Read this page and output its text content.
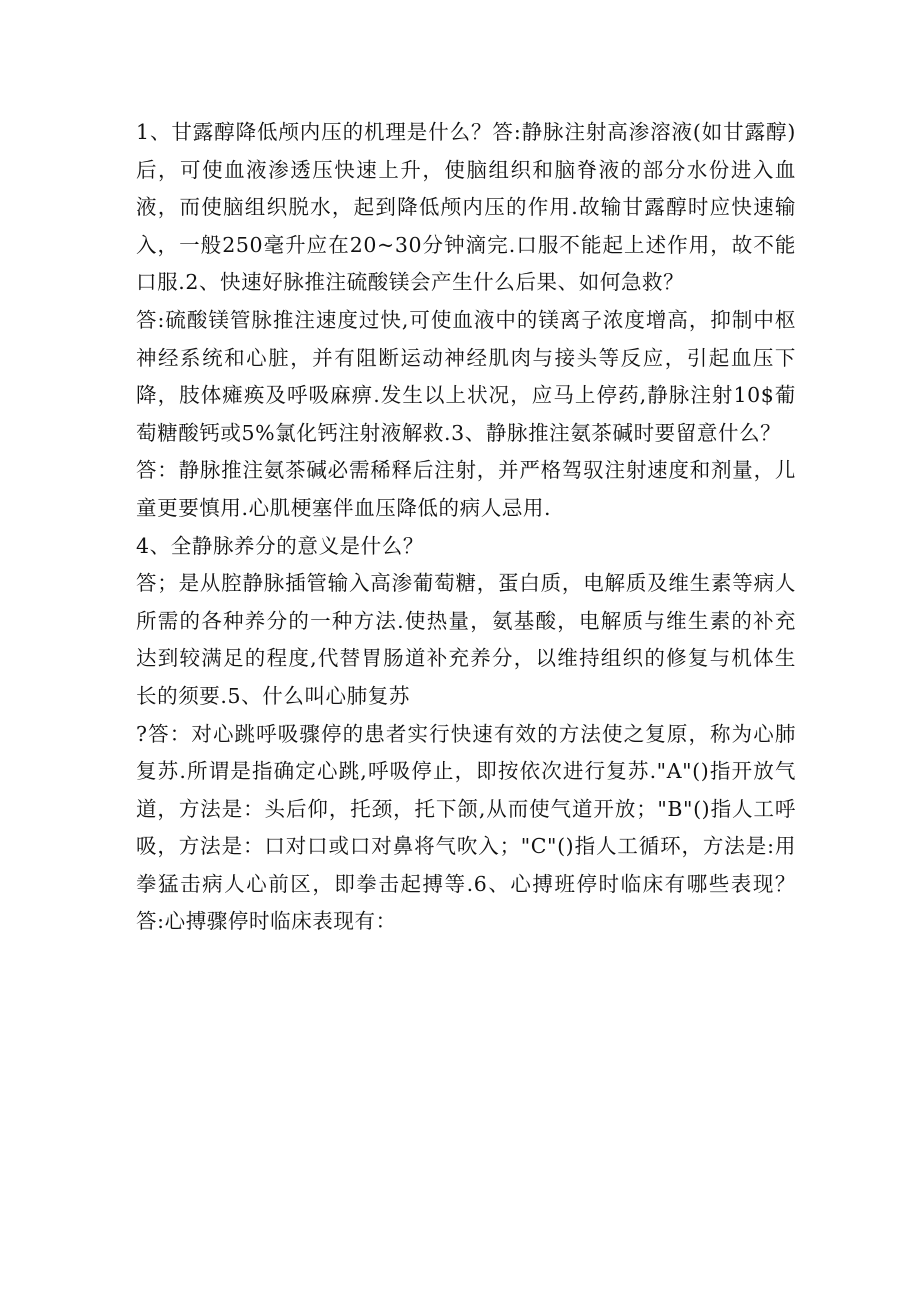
1、甘露醇降低颅内压的机理是什么？答:静脉注射高渗溶液(如甘露醇)后，可使血液渗透压快速上升，使脑组织和脑脊液的部分水份进入血液，而使脑组织脱水，起到降低颅内压的作用.故输甘露醇时应快速输入，一般250毫升应在20~30分钟滴完.口服不能起上述作用，故不能口服.2、快速好脉推注硫酸镁会产生什么后果、如何急救？

答:硫酸镁管脉推注速度过快,可使血液中的镁离子浓度增高，抑制中枢神经系统和心脏，并有阻断运动神经肌肉与接头等反应，引起血压下降，肢体瘫痪及呼吸麻痹.发生以上状况，应马上停药,静脉注射10$葡萄糖酸钙或5%氯化钙注射液解救.3、静脉推注氨茶碱时要留意什么？

答：静脉推注氨茶碱必需稀释后注射，并严格驾驭注射速度和剂量，儿童更要慎用.心肌梗塞伴血压降低的病人忌用.

4、全静脉养分的意义是什么？

答；是从腔静脉插管输入高渗葡萄糖，蛋白质，电解质及维生素等病人所需的各种养分的一种方法.使热量，氨基酸，电解质与维生素的补充达到较满足的程度,代替胃肠道补充养分，以维持组织的修复与机体生长的须要.5、什么叫心肺复苏

?答：对心跳呼吸骤停的患者实行快速有效的方法使之复原，称为心肺复苏.所谓是指确定心跳,呼吸停止，即按依次进行复苏."A"()指开放气道，方法是：头后仰，托颈，托下颌,从而使气道开放；"B"()指人工呼吸，方法是：口对口或口对鼻将气吹入；"C"()指人工循环，方法是:用拳猛击病人心前区，即拳击起搏等.6、心搏班停时临床有哪些表现？答:心搏骤停时临床表现有：
